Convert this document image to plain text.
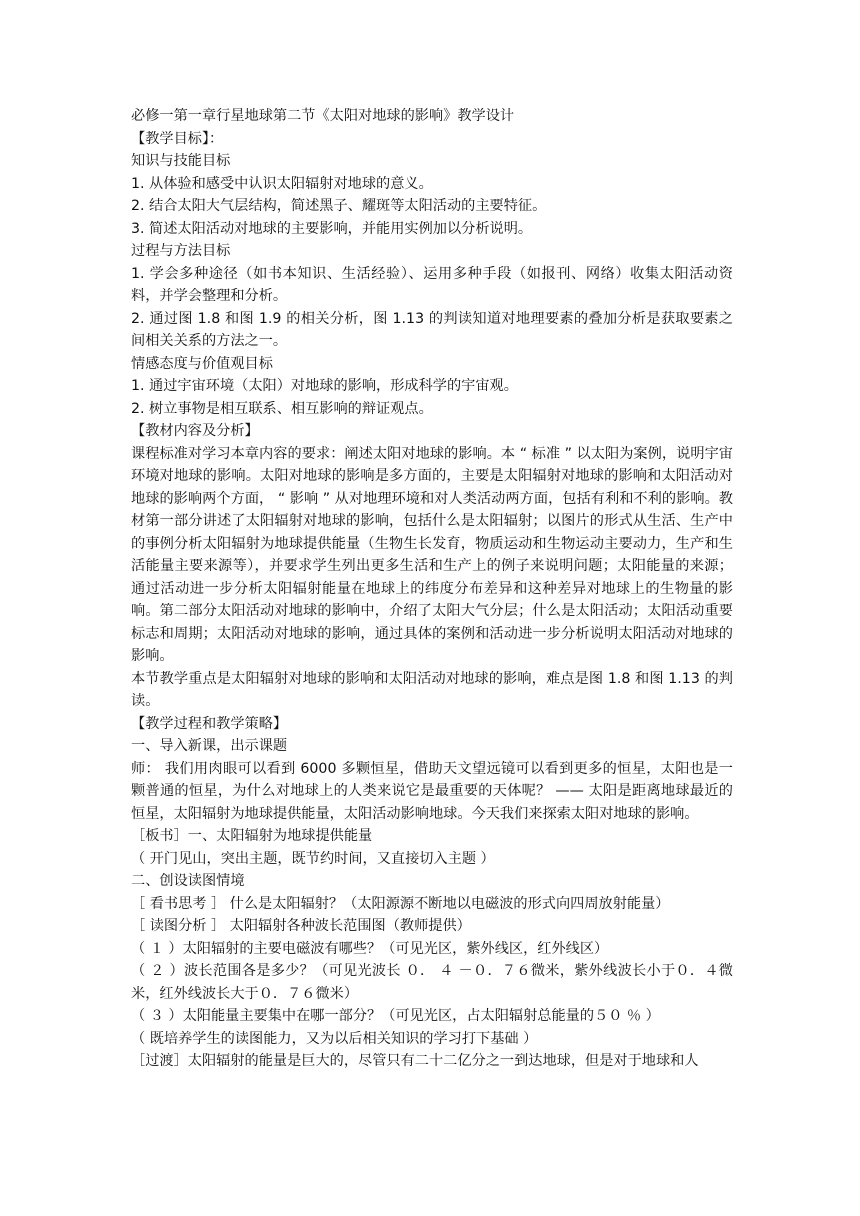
必修一第一章行星地球第二节《太阳对地球的影响》教学设计

【教学目标】：

知识与技能目标

1. 从体验和感受中认识太阳辐射对地球的意义。

2. 结合太阳大气层结构，简述黑子、耀斑等太阳活动的主要特征。

3. 简述太阳活动对地球的主要影响，并能用实例加以分析说明。

过程与方法目标

1. 学会多种途径（如书本知识、生活经验）、运用多种手段（如报刊、网络）收集太阳活动资料，并学会整理和分析。

2. 通过图 1.8 和图 1.9 的相关分析，图 1.13 的判读知道对地理要素的叠加分析是获取要素之间相关关系的方法之一。

情感态度与价值观目标

1. 通过宇宙环境（太阳）对地球的影响，形成科学的宇宙观。

2. 树立事物是相互联系、相互影响的辩证观点。

【教材内容及分析】

课程标准对学习本章内容的要求：阐述太阳对地球的影响。本 “ 标准 ” 以太阳为案例，说明宇宙环境对地球的影响。太阳对地球的影响是多方面的，主要是太阳辐射对地球的影响和太阳活动对地球的影响两个方面， “ 影响 ” 从对地理环境和对人类活动两方面，包括有利和不利的影响。教材第一部分讲述了太阳辐射对地球的影响，包括什么是太阳辐射；以图片的形式从生活、生产中的事例分析太阳辐射为地球提供能量（生物生长发育，物质运动和生物运动主要动力，生产和生活能量主要来源等），并要求学生列出更多生活和生产上的例子来说明问题；太阳能量的来源；通过活动进一步分析太阳辐射能量在地球上的纬度分布差异和这种差异对地球上的生物量的影响。第二部分太阳活动对地球的影响中，介绍了太阳大气分层；什么是太阳活动；太阳活动重要标志和周期；太阳活动对地球的影响，通过具体的案例和活动进一步分析说明太阳活动对地球的影响。

本节教学重点是太阳辐射对地球的影响和太阳活动对地球的影响，难点是图 1.8 和图 1.13 的判读。

【教学过程和教学策略】

一、导入新课，出示课题

师： 我们用肉眼可以看到 6000 多颗恒星，借助天文望远镜可以看到更多的恒星，太阳也是一颗普通的恒星，为什么对地球上的人类来说它是最重要的天体呢？ —— 太阳是距离地球最近的恒星，太阳辐射为地球提供能量，太阳活动影响地球。今天我们来探索太阳对地球的影响。

［板书］一、太阳辐射为地球提供能量

（ 开门见山，突出主题，既节约时间，又直接切入主题 ）

二、创设读图情境

［ 看书思考 ］ 什么是太阳辐射？（太阳源源不断地以电磁波的形式向四周放射能量）

［ 读图分析 ］ 太阳辐射各种波长范围图（教师提供）

（ １ ）太阳辐射的主要电磁波有哪些？（可见光区，紫外线区，红外线区）

（ ２ ）波长范围各是多少？（可见光波长 ０． ４ －０．７６微米，紫外线波长小于０．４微米，红外线波长大于０．７６微米）

（ ３ ）太阳能量主要集中在哪一部分？（可见光区，占太阳辐射总能量的５０ ％ ）

（ 既培养学生的读图能力，又为以后相关知识的学习打下基础 ）

［过渡］太阳辐射的能量是巨大的，尽管只有二十二亿分之一到达地球，但是对于地球和人
